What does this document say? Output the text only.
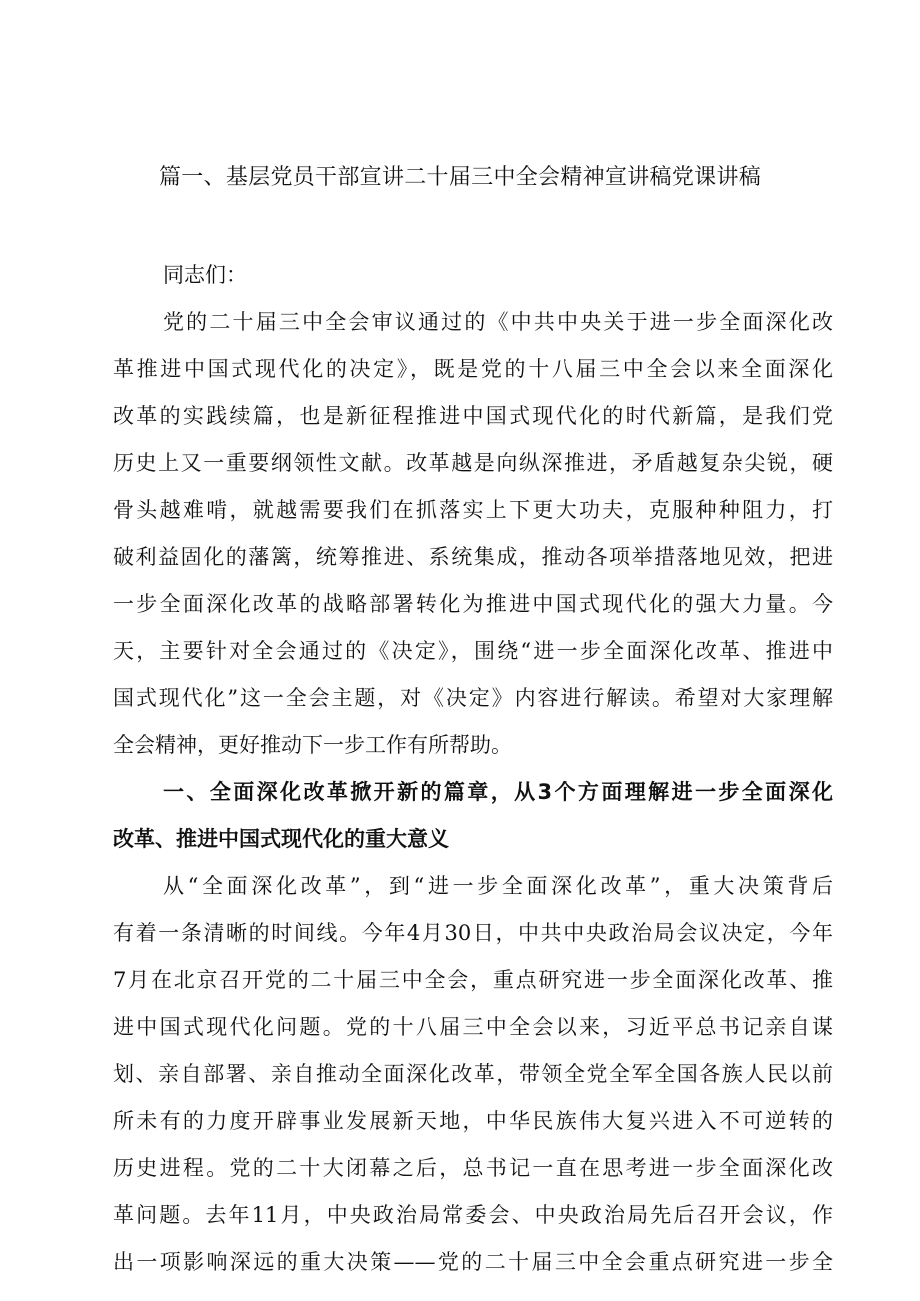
篇一、基层党员干部宣讲二十届三中全会精神宣讲稿党课讲稿
同志们：
党的二十届三中全会审议通过的《中共中央关于进一步全面深化改
革推进中国式现代化的决定》，既是党的十八届三中全会以来全面深化
改革的实践续篇，也是新征程推进中国式现代化的时代新篇，是我们党
历史上又一重要纲领性文献。改革越是向纵深推进，矛盾越复杂尖锐，硬
骨头越难啃，就越需要我们在抓落实上下更大功夫，克服种种阻力，打
破利益固化的藩篱，统筹推进、系统集成，推动各项举措落地见效，把进
一步全面深化改革的战略部署转化为推进中国式现代化的强大力量。今
天，主要针对全会通过的《决定》，围绕“进一步全面深化改革、推进中
国式现代化”这一全会主题，对《决定》内容进行解读。希望对大家理解
全会精神，更好推动下一步工作有所帮助。
一、全面深化改革掀开新的篇章，从3个方面理解进一步全面深化
改革、推进中国式现代化的重大意义
从“全面深化改革”，到“进一步全面深化改革”，重大决策背后
有着一条清晰的时间线。今年4月30日，中共中央政治局会议决定，今年
7月在北京召开党的二十届三中全会，重点研究进一步全面深化改革、推
进中国式现代化问题。党的十八届三中全会以来，习近平总书记亲自谋
划、亲自部署、亲自推动全面深化改革，带领全党全军全国各族人民以前
所未有的力度开辟事业发展新天地，中华民族伟大复兴进入不可逆转的
历史进程。党的二十大闭幕之后，总书记一直在思考进一步全面深化改
革问题。去年11月，中央政治局常委会、中央政治局先后召开会议，作
出一项影响深远的重大决策——党的二十届三中全会重点研究进一步全
